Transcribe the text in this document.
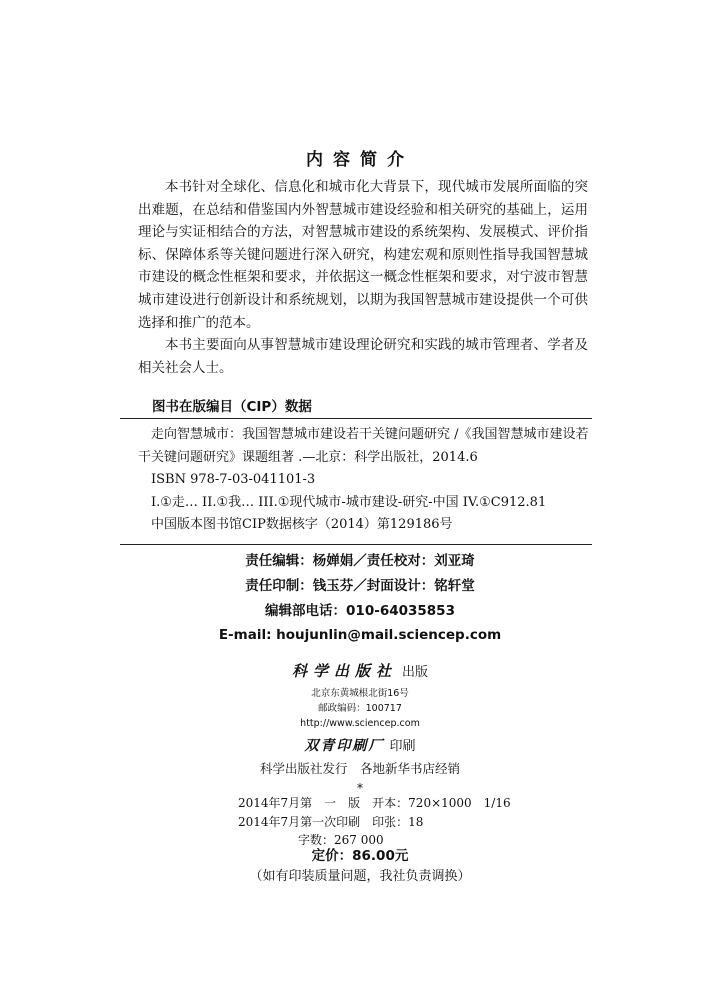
内容简介

本书针对全球化、信息化和城市化大背景下，现代城市发展所面临的突出难题，在总结和借鉴国内外智慧城市建设经验和相关研究的基础上，运用理论与实证相结合的方法，对智慧城市建设的系统架构、发展模式、评价指标、保障体系等关键问题进行深入研究，构建宏观和原则性指导我国智慧城市建设的概念性框架和要求，并依据这一概念性框架和要求，对宁波市智慧城市建设进行创新设计和系统规划，以期为我国智慧城市建设提供一个可供选择和推广的范本。

本书主要面向从事智慧城市建设理论研究和实践的城市管理者、学者及相关社会人士。

图书在版编目（CIP）数据
走向智慧城市：我国智慧城市建设若干关键问题研究 /《我国智慧城市建设若干关键问题研究》课题组著 .—北京：科学出版社，2014.6
ISBN 978-7-03-041101-3
I.①走… II.①我… III.①现代城市-城市建设-研究-中国 IV.①C912.81
中国版本图书馆CIP数据核字（2014）第129186号
责任编辑：杨婵娟／责任校对：刘亚琦
责任印制：钱玉芬／封面设计：铭轩堂
编辑部电话：010-64035853
E-mail: houjunlin@mail.sciencep.com
科学出版社 出版
北京东黄城根北街16号
邮政编码：100717
http://www.sciencep.com
双青印刷厂 印刷
科学出版社发行　各地新华书店经销
*
2014年7月第　一　版　开本：720×1000　1/16
2014年7月第一次印刷　印张：18
字数：267 000
定价：86.00元
（如有印装质量问题，我社负责调换）
